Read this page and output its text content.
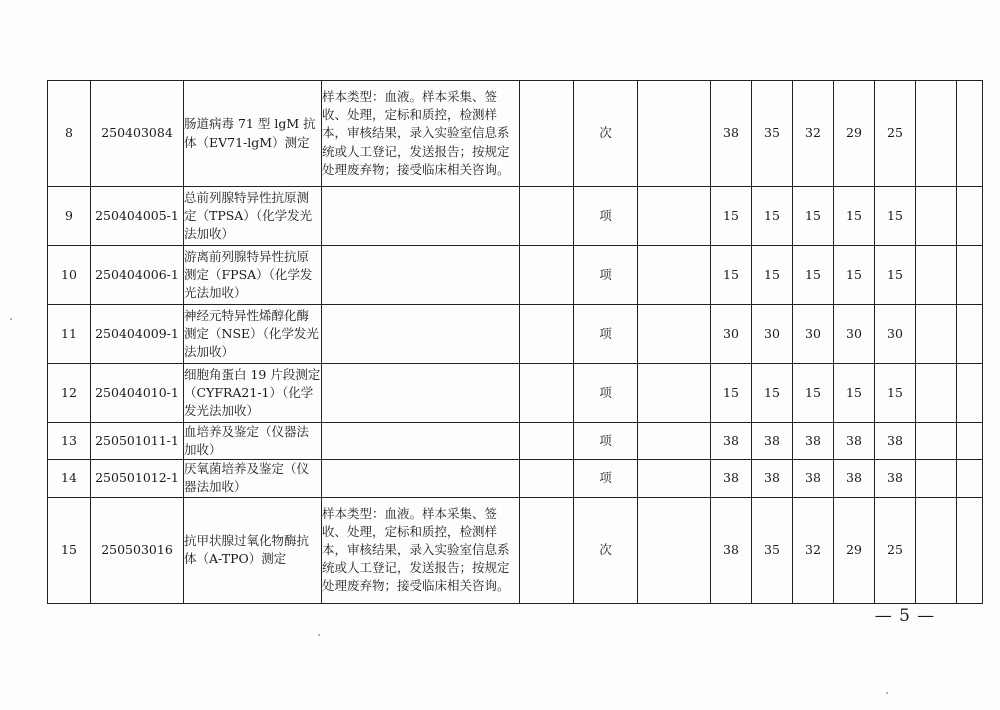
8	250403084	肠道病毒 71 型 lgM 抗体（EV71-lgM）测定	样本类型：血液。样本采集、签收、处理，定标和质控，检测样本，审核结果，录入实验室信息系统或人工登记，发送报告；按规定处理废弃物；接受临床相关咨询。		次		38	35	32	29	25		
9	250404005-1	总前列腺特异性抗原测定（TPSA）（化学发光法加收）			项		15	15	15	15	15		
10	250404006-1	游离前列腺特异性抗原测定（FPSA）（化学发光法加收）			项		15	15	15	15	15		
11	250404009-1	神经元特异性烯醇化酶测定（NSE）（化学发光法加收）			项		30	30	30	30	30		
12	250404010-1	细胞角蛋白 19 片段测定（CYFRA21-1）（化学发光法加收）			项		15	15	15	15	15		
13	250501011-1	血培养及鉴定（仪器法加收）			项		38	38	38	38	38		
14	250501012-1	厌氧菌培养及鉴定（仪器法加收）			项		38	38	38	38	38		
15	250503016	抗甲状腺过氧化物酶抗体（A-TPO）测定	样本类型：血液。样本采集、签收、处理，定标和质控，检测样本，审核结果，录入实验室信息系统或人工登记，发送报告；按规定处理废弃物；接受临床相关咨询。		次		38	35	32	29	25		
— 5 —
